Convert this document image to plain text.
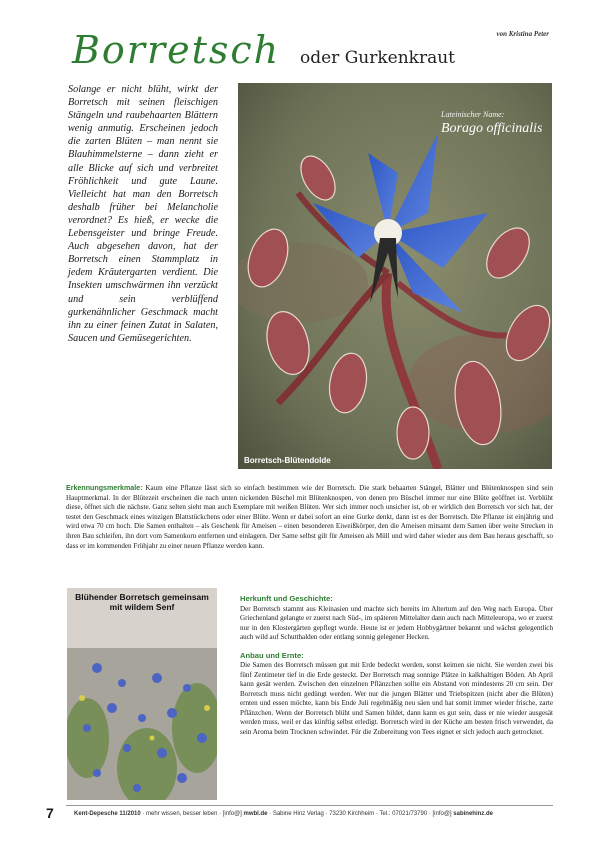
von Kristina Peter
Borretsch oder Gurkenkraut
Solange er nicht blüht, wirkt der Borretsch mit seinen fleischigen Stängeln und raubehaarten Blättern wenig anmutig. Erscheinen jedoch die zarten Blüten – man nennt sie Blauhimmelsterne – dann zieht er alle Blicke auf sich und verbreitet Fröhlichkeit und gute Laune. Vielleicht hat man den Borretsch deshalb früher bei Melancholie verordnet? Es hieß, er wecke die Lebensgeister und bringe Freude. Auch abgesehen davon, hat der Borretsch einen Stammplatz in jedem Kräutergarten verdient. Die Insekten umschwärmen ihn verzückt und sein verblüffend gurkenähnlicher Geschmack macht ihn zu einer feinen Zutat in Salaten, Saucen und Gemüsegerichten.
Lateinischer Name:
Borago officinalis
Borretsch-Blütendolde
Erkennungsmerkmale: Kaum eine Pflanze lässt sich so einfach bestimmen wie der Borretsch. Die stark behaarten Stängel, Blätter und Blütenknospen sind sein Hauptmerkmal. In der Blütezeit erscheinen die nach unten nickenden Büschel mit Blütenknospen, von denen pro Büschel immer nur eine Blüte geöffnet ist. Verblüht diese, öffnet sich die nächste. Ganz selten sieht man auch Exemplare mit weißen Blüten. Wer sich immer noch unsicher ist, ob er wirklich den Borretsch vor sich hat, der testet den Geschmack eines winzigen Blattstückchens oder einer Blüte. Wenn er dabei sofort an eine Gurke denkt, dann ist es der Borretsch. Die Pflanze ist einjährig und wird etwa 70 cm hoch. Die Samen enthalten – als Geschenk für Ameisen – einen besonderen Eiweißkörper, den die Ameisen mitsamt dem Samen über weite Strecken in ihren Bau schleifen, ihn dort vom Samenkorn entfernen und einlagern. Der Same selbst gilt für Ameisen als Müll und wird daher wieder aus dem Bau heraus geschafft, so dass er im kommenden Frühjahr zu einer neuen Pflanze werden kann.
Blühender Borretsch gemeinsam mit wildem Senf

Herkunft und Geschichte:
Der Borretsch stammt aus Kleinasien und machte sich bereits im Altertum auf den Weg nach Europa. Über Griechenland gelangte er zuerst nach Süd-, im späteren Mittelalter dann auch nach Mitteleuropa, wo er zuerst nur in den Klostergärten gepflegt wurde. Heute ist er jedem Hobbygärtner bekannt und wächst gelegentlich auch wild auf Schutthalden oder entlang sonnig gelegener Hecken.

Anbau und Ernte:
Die Samen des Borretsch müssen gut mit Erde bedeckt werden, sonst keimen sie nicht. Sie werden zwei bis fünf Zentimeter tief in die Erde gesteckt. Der Borretsch mag sonnige Plätze in kalkhaltigen Böden. Ab April kann gesät werden. Zwischen den einzelnen Pflänzchen sollte ein Abstand von mindestens 20 cm sein. Der Borretsch muss nicht gedüngt werden. Wer nur die jungen Blätter und Triebspitzen (nicht aber die Blüten) ernten und essen möchte, kann bis Ende Juli regelmäßig neu säen und hat somit immer wieder frische, zarte Pflänzchen. Wenn der Borretsch blüht und Samen bildet, dann kann es gut sein, dass er nie wieder ausgesät werden muss, weil er das künftig selbst erledigt. Borretsch wird in der Küche am besten frisch verwendet, da sein Aroma beim Trocknen schwindet. Für die Zubereitung von Tees eignet er sich jedoch auch getrocknet.

7	Kent-Depesche 11/2010 · mehr wissen, besser leben · [info@] mwbl.de · Sabine Hinz Verlag · 73230 Kirchheim · Tel.: 07021/73790 · [info@] sabinehinz.de
